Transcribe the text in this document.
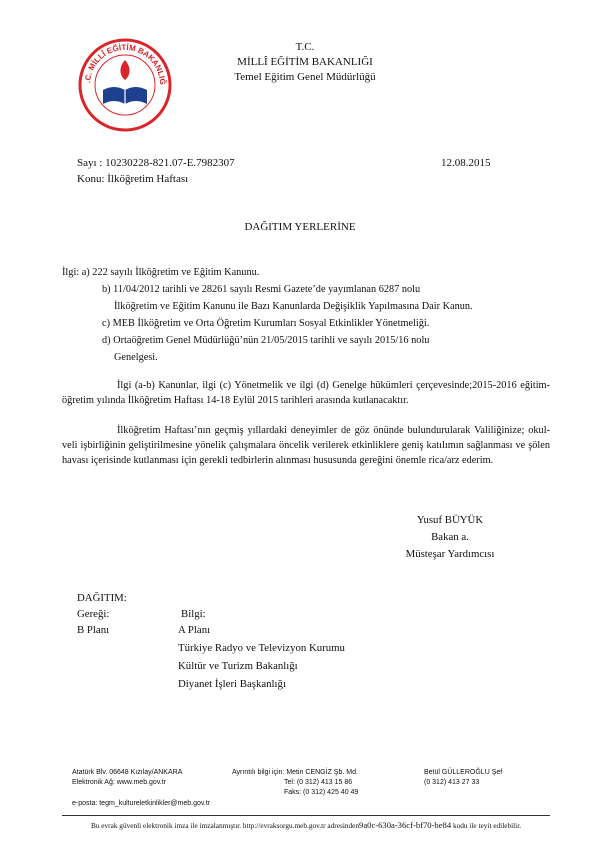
.C. MİLLÎ EĞİTİM BAKANLIĞ
T.C.
MİLLÎ EĞİTİM BAKANLIĞI
Temel Eğitim Genel Müdürlüğü
Sayı : 10230228-821.07-E.7982307	12.08.2015
Konu: İlköğretim Haftası
DAĞITIM YERLERİNE
İlgi: a) 222 sayılı İlköğretim ve Eğitim Kanunu.
b) 11/04/2012 tarihli ve 28261 sayılı Resmi Gazete’de yayımlanan 6287 nolu
İlköğretim ve Eğitim Kanunu ile Bazı Kanunlarda Değişiklik Yapılmasına Dair Kanun.
c) MEB İlköğretim ve Orta Öğretim Kurumları Sosyal Etkinlikler Yönetmeliği.
d) Ortaöğretim Genel Müdürlüğü’nün 21/05/2015 tarihli ve sayılı 2015/16 nolu
Genelgesi.
İlgi (a-b) Kanunlar, ilgi (c) Yönetmelik ve ilgi (d) Genelge hükümleri çerçevesinde;2015-2016 eğitim-öğretim yılında İlköğretim Haftası 14-18 Eylül 2015 tarihleri arasında kutlanacaktır.
İlköğretim Haftası’nın geçmiş yıllardaki deneyimler de göz önünde bulundurularak Valiliğinize; okul-veli işbirliğinin geliştirilmesine yönelik çalışmalara öncelik verilerek etkinliklere geniş katılımın sağlanması ve şölen havası içerisinde kutlanması için gerekli tedbirlerin alınması hususunda gereğini önemle rica/arz ederim.
Yusuf BÜYÜK
Bakan a.
Müsteşar Yardımcısı
DAĞITIM:
Gereği:	Bilgi:
B Planı	A Planı
Türkiye Radyo ve Televizyon Kurumu
Kültür ve Turizm Bakanlığı
Diyanet İşleri Başkanlığı
Atatürk Blv. 06648 Kızılay/ANKARA
Elektronik Ağ: www.meb.gov.tr
e-posta: tegm_kultureletkinlikler@meb.gov.tr
Ayrıntılı bilgi için: Metin CENGİZ Şb. Md.
Tel: (0 312) 413 15 86
Faks: (0 312) 425 40 49
Betül GÜLLEROĞLU Şef
(0 312) 413 27 33
Bu evrak güvenli elektronik imza ile imzalanmıştır. http://evraksorgu.meb.gov.tr adresinden9a0c-630a-36cf-bf70-be84 kodu ile teyit edilebilir.
